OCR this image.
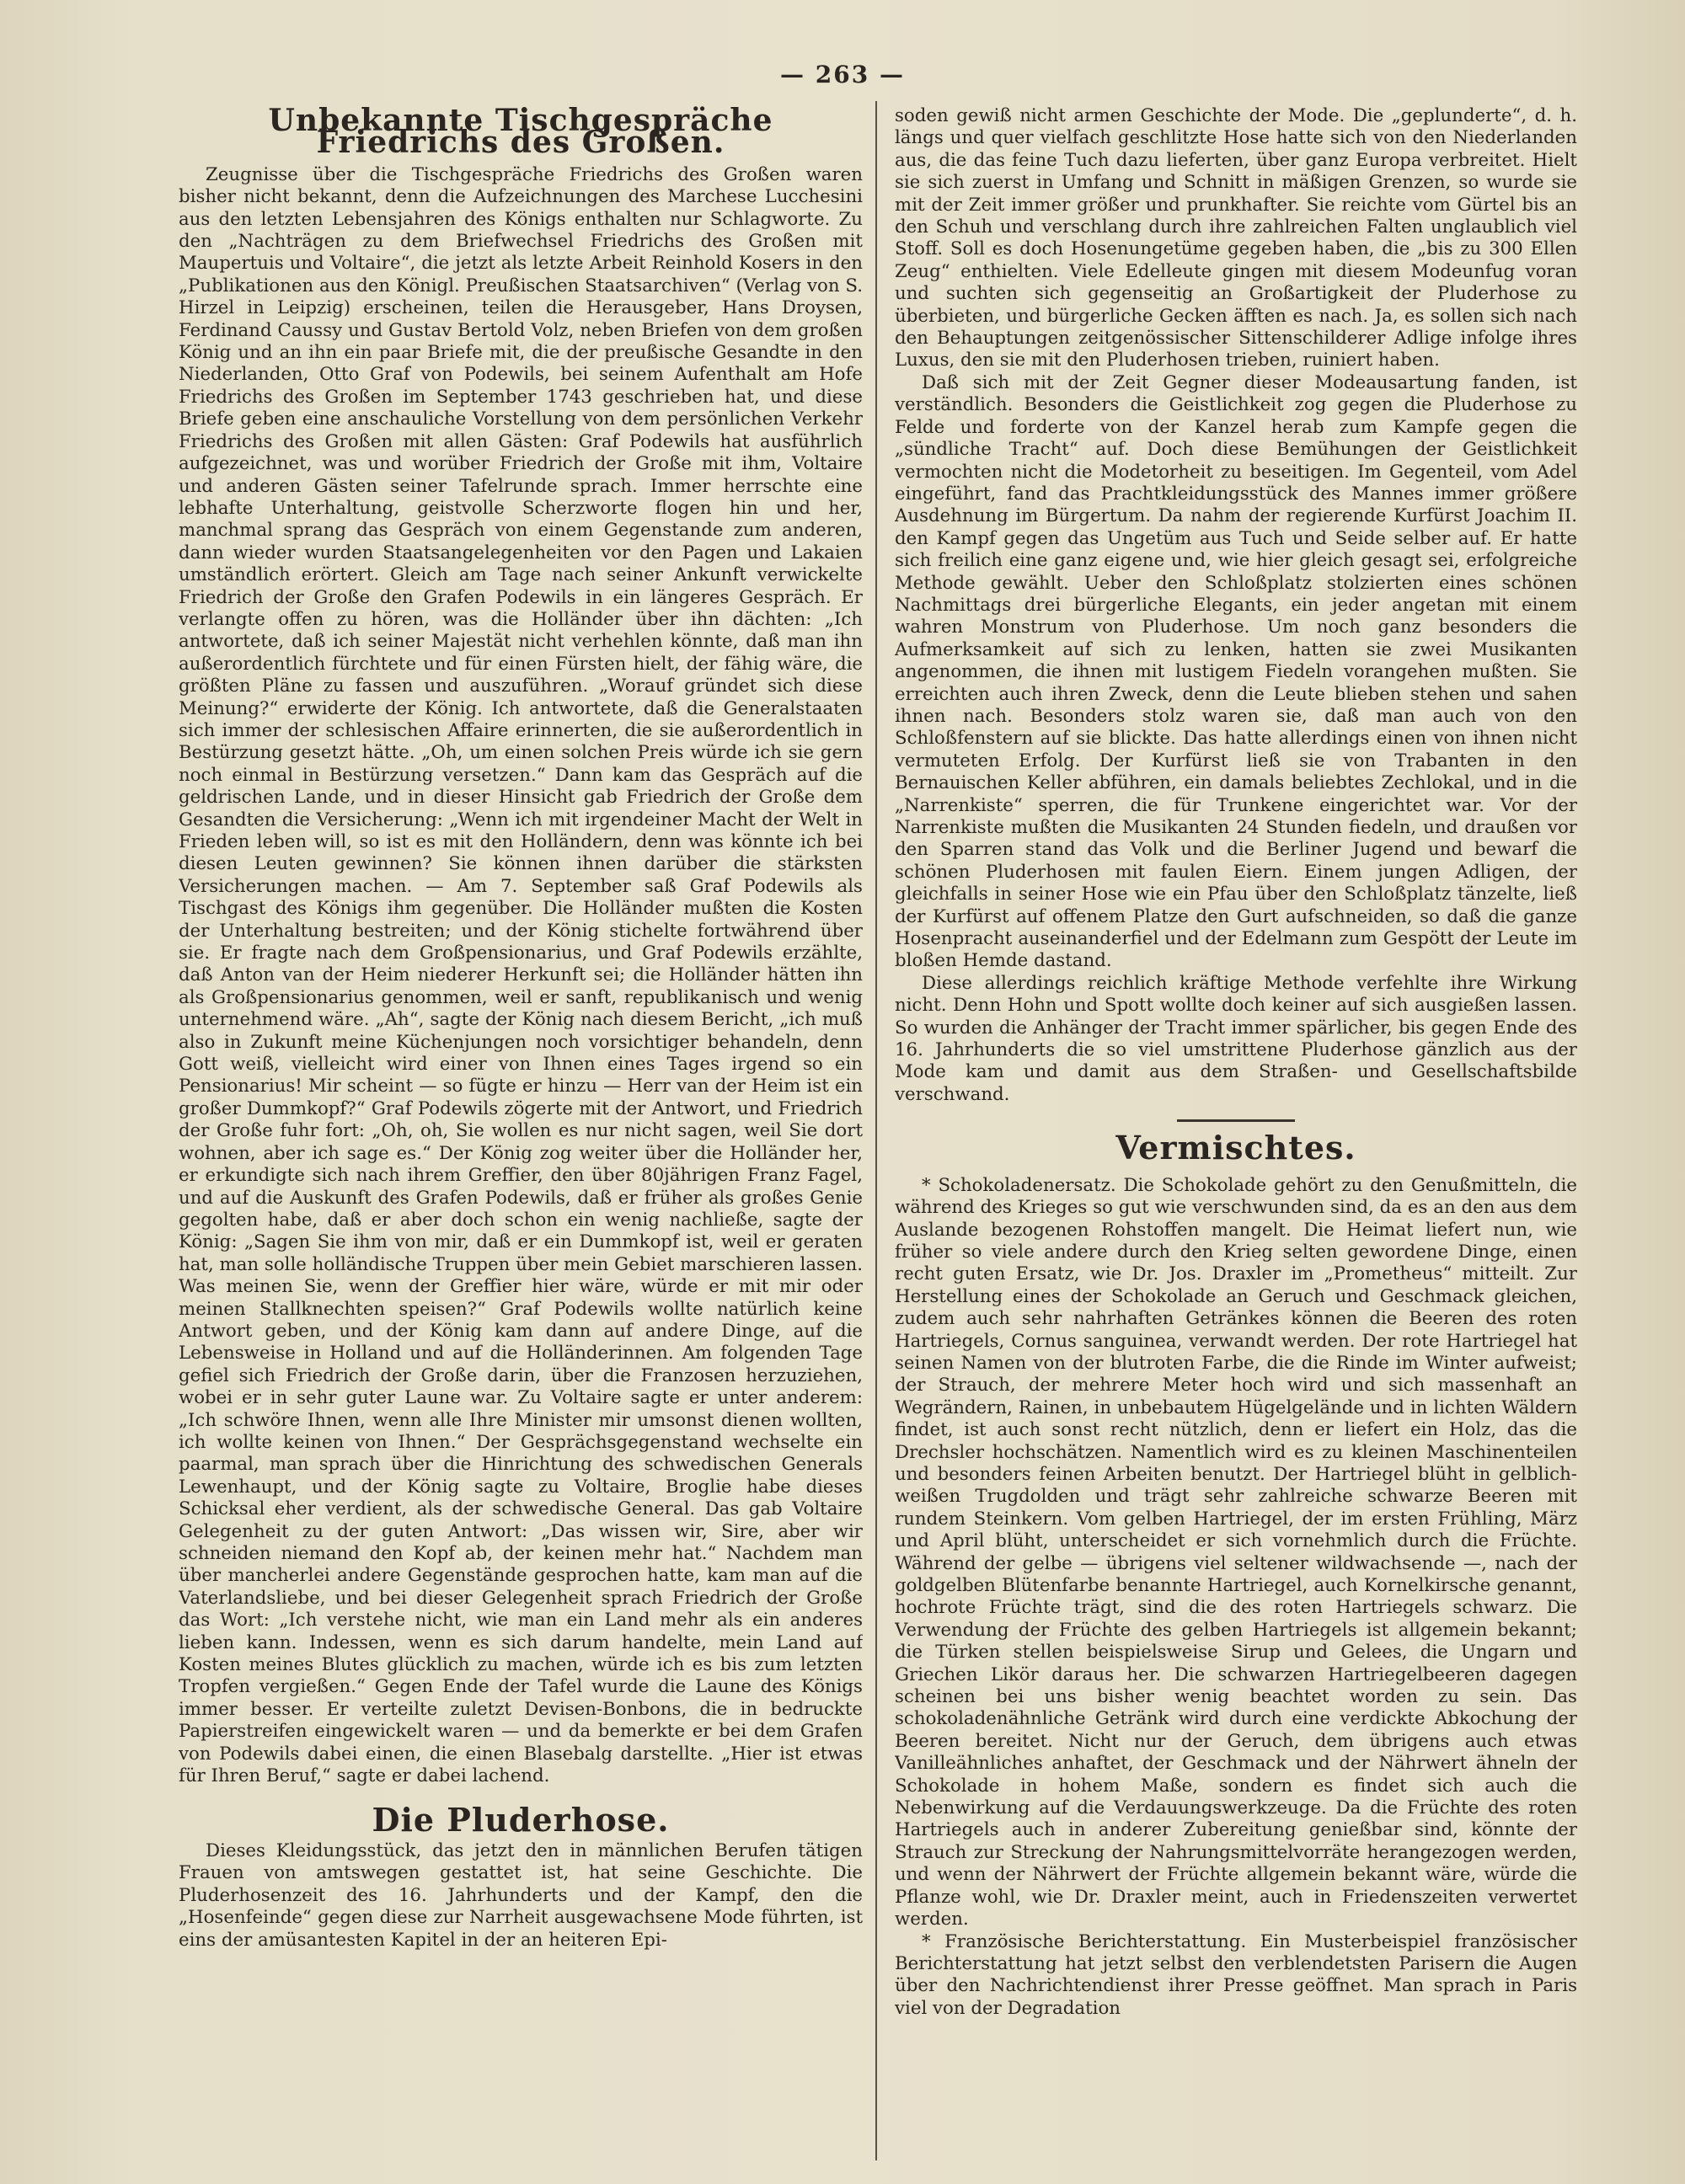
— 263 —
Unbekannte Tischgespräche Friedrichs des Großen.

Zeugnisse über die Tischgespräche Friedrichs des Großen waren bisher nicht bekannt, denn die Aufzeichnungen des Marchese Lucchesini aus den letzten Lebensjahren des Königs enthalten nur Schlagworte. Zu den „Nachträgen zu dem Briefwechsel Friedrichs des Großen mit Maupertuis und Voltaire“, die jetzt als letzte Arbeit Reinhold Kosers in den „Publikationen aus den Königl. Preußischen Staatsarchiven“ (Verlag von S. Hirzel in Leipzig) erscheinen, teilen die Herausgeber, Hans Droysen, Ferdinand Caussy und Gustav Bertold Volz, neben Briefen von dem großen König und an ihn ein paar Briefe mit, die der preußische Gesandte in den Niederlanden, Otto Graf von Podewils, bei seinem Aufenthalt am Hofe Friedrichs des Großen im September 1743 geschrieben hat, und diese Briefe geben eine anschauliche Vorstellung von dem persönlichen Verkehr Friedrichs des Großen mit allen Gästen: Graf Podewils hat ausführlich aufgezeichnet, was und worüber Friedrich der Große mit ihm, Voltaire und anderen Gästen seiner Tafelrunde sprach. Immer herrschte eine lebhafte Unterhaltung, geistvolle Scherzworte flogen hin und her, manchmal sprang das Gespräch von einem Gegenstande zum anderen, dann wieder wurden Staatsangelegenheiten vor den Pagen und Lakaien umständlich erörtert. Gleich am Tage nach seiner Ankunft verwickelte Friedrich der Große den Grafen Podewils in ein längeres Gespräch. Er verlangte offen zu hören, was die Holländer über ihn dächten: „Ich antwortete, daß ich seiner Majestät nicht verhehlen könnte, daß man ihn außerordentlich fürchtete und für einen Fürsten hielt, der fähig wäre, die größten Pläne zu fassen und auszuführen. „Worauf gründet sich diese Meinung?“ erwiderte der König. Ich antwortete, daß die Generalstaaten sich immer der schlesischen Affaire erinnerten, die sie außerordentlich in Bestürzung gesetzt hätte. „Oh, um einen solchen Preis würde ich sie gern noch einmal in Bestürzung versetzen.“ Dann kam das Gespräch auf die geldrischen Lande, und in dieser Hinsicht gab Friedrich der Große dem Gesandten die Versicherung: „Wenn ich mit irgendeiner Macht der Welt in Frieden leben will, so ist es mit den Holländern, denn was könnte ich bei diesen Leuten gewinnen? Sie können ihnen darüber die stärksten Versicherungen machen. — Am 7. September saß Graf Podewils als Tischgast des Königs ihm gegenüber. Die Holländer mußten die Kosten der Unterhaltung bestreiten; und der König stichelte fortwährend über sie. Er fragte nach dem Großpensionarius, und Graf Podewils erzählte, daß Anton van der Heim niederer Herkunft sei; die Holländer hätten ihn als Großpensionarius genommen, weil er sanft, republikanisch und wenig unternehmend wäre. „Ah“, sagte der König nach diesem Bericht, „ich muß also in Zukunft meine Küchenjungen noch vorsichtiger behandeln, denn Gott weiß, vielleicht wird einer von Ihnen eines Tages irgend so ein Pensionarius! Mir scheint — so fügte er hinzu — Herr van der Heim ist ein großer Dummkopf?“ Graf Podewils zögerte mit der Antwort, und Friedrich der Große fuhr fort: „Oh, oh, Sie wollen es nur nicht sagen, weil Sie dort wohnen, aber ich sage es.“ Der König zog weiter über die Holländer her, er erkundigte sich nach ihrem Greffier, den über 80jährigen Franz Fagel, und auf die Auskunft des Grafen Podewils, daß er früher als großes Genie gegolten habe, daß er aber doch schon ein wenig nachließe, sagte der König: „Sagen Sie ihm von mir, daß er ein Dummkopf ist, weil er geraten hat, man solle holländische Truppen über mein Gebiet marschieren lassen. Was meinen Sie, wenn der Greffier hier wäre, würde er mit mir oder meinen Stallknechten speisen?“ Graf Podewils wollte natürlich keine Antwort geben, und der König kam dann auf andere Dinge, auf die Lebensweise in Holland und auf die Holländerinnen. Am folgenden Tage gefiel sich Friedrich der Große darin, über die Franzosen herzuziehen, wobei er in sehr guter Laune war. Zu Voltaire sagte er unter anderem: „Ich schwöre Ihnen, wenn alle Ihre Minister mir umsonst dienen wollten, ich wollte keinen von Ihnen.“ Der Gesprächsgegenstand wechselte ein paarmal, man sprach über die Hinrichtung des schwedischen Generals Lewenhaupt, und der König sagte zu Voltaire, Broglie habe dieses Schicksal eher verdient, als der schwedische General. Das gab Voltaire Gelegenheit zu der guten Antwort: „Das wissen wir, Sire, aber wir schneiden niemand den Kopf ab, der keinen mehr hat.“ Nachdem man über mancherlei andere Gegenstände gesprochen hatte, kam man auf die Vaterlandsliebe, und bei dieser Gelegenheit sprach Friedrich der Große das Wort: „Ich verstehe nicht, wie man ein Land mehr als ein anderes lieben kann. Indessen, wenn es sich darum handelte, mein Land auf Kosten meines Blutes glücklich zu machen, würde ich es bis zum letzten Tropfen vergießen.“ Gegen Ende der Tafel wurde die Laune des Königs immer besser. Er verteilte zuletzt Devisen-Bonbons, die in bedruckte Papierstreifen eingewickelt waren — und da bemerkte er bei dem Grafen von Podewils dabei einen, die einen Blasebalg darstellte. „Hier ist etwas für Ihren Beruf,“ sagte er dabei lachend.

Die Pluderhose.

Dieses Kleidungsstück, das jetzt den in männlichen Berufen tätigen Frauen von amtswegen gestattet ist, hat seine Geschichte. Die Pluderhosenzeit des 16. Jahrhunderts und der Kampf, den die „Hosenfeinde“ gegen diese zur Narrheit ausgewachsene Mode führten, ist eins der amüsantesten Kapitel in der an heiteren Epi-

soden gewiß nicht armen Geschichte der Mode. Die „geplunderte“, d. h. längs und quer vielfach geschlitzte Hose hatte sich von den Niederlanden aus, die das feine Tuch dazu lieferten, über ganz Europa verbreitet. Hielt sie sich zuerst in Umfang und Schnitt in mäßigen Grenzen, so wurde sie mit der Zeit immer größer und prunkhafter. Sie reichte vom Gürtel bis an den Schuh und verschlang durch ihre zahlreichen Falten unglaublich viel Stoff. Soll es doch Hosenungetüme gegeben haben, die „bis zu 300 Ellen Zeug“ enthielten. Viele Edelleute gingen mit diesem Modeunfug voran und suchten sich gegenseitig an Großartigkeit der Pluderhose zu überbieten, und bürgerliche Gecken äfften es nach. Ja, es sollen sich nach den Behauptungen zeitgenössischer Sittenschilderer Adlige infolge ihres Luxus, den sie mit den Pluderhosen trieben, ruiniert haben.

Daß sich mit der Zeit Gegner dieser Modeausartung fanden, ist verständlich. Besonders die Geistlichkeit zog gegen die Pluderhose zu Felde und forderte von der Kanzel herab zum Kampfe gegen die „sündliche Tracht“ auf. Doch diese Bemühungen der Geistlichkeit vermochten nicht die Modetorheit zu beseitigen. Im Gegenteil, vom Adel eingeführt, fand das Prachtkleidungsstück des Mannes immer größere Ausdehnung im Bürgertum. Da nahm der regierende Kurfürst Joachim II. den Kampf gegen das Ungetüm aus Tuch und Seide selber auf. Er hatte sich freilich eine ganz eigene und, wie hier gleich gesagt sei, erfolgreiche Methode gewählt. Ueber den Schloßplatz stolzierten eines schönen Nachmittags drei bürgerliche Elegants, ein jeder angetan mit einem wahren Monstrum von Pluderhose. Um noch ganz besonders die Aufmerksamkeit auf sich zu lenken, hatten sie zwei Musikanten angenommen, die ihnen mit lustigem Fiedeln vorangehen mußten. Sie erreichten auch ihren Zweck, denn die Leute blieben stehen und sahen ihnen nach. Besonders stolz waren sie, daß man auch von den Schloßfenstern auf sie blickte. Das hatte allerdings einen von ihnen nicht vermuteten Erfolg. Der Kurfürst ließ sie von Trabanten in den Bernauischen Keller abführen, ein damals beliebtes Zechlokal, und in die „Narrenkiste“ sperren, die für Trunkene eingerichtet war. Vor der Narrenkiste mußten die Musikanten 24 Stunden fiedeln, und draußen vor den Sparren stand das Volk und die Berliner Jugend und bewarf die schönen Pluderhosen mit faulen Eiern. Einem jungen Adligen, der gleichfalls in seiner Hose wie ein Pfau über den Schloßplatz tänzelte, ließ der Kurfürst auf offenem Platze den Gurt aufschneiden, so daß die ganze Hosenpracht auseinanderfiel und der Edelmann zum Gespött der Leute im bloßen Hemde dastand.

Diese allerdings reichlich kräftige Methode verfehlte ihre Wirkung nicht. Denn Hohn und Spott wollte doch keiner auf sich ausgießen lassen. So wurden die Anhänger der Tracht immer spärlicher, bis gegen Ende des 16. Jahrhunderts die so viel umstrittene Pluderhose gänzlich aus der Mode kam und damit aus dem Straßen- und Gesellschaftsbilde verschwand.

Vermischtes.

* Schokoladenersatz. Die Schokolade gehört zu den Genußmitteln, die während des Krieges so gut wie verschwunden sind, da es an den aus dem Auslande bezogenen Rohstoffen mangelt. Die Heimat liefert nun, wie früher so viele andere durch den Krieg selten gewordene Dinge, einen recht guten Ersatz, wie Dr. Jos. Draxler im „Prometheus“ mitteilt. Zur Herstellung eines der Schokolade an Geruch und Geschmack gleichen, zudem auch sehr nahrhaften Getränkes können die Beeren des roten Hartriegels, Cornus sanguinea, verwandt werden. Der rote Hartriegel hat seinen Namen von der blutroten Farbe, die die Rinde im Winter aufweist; der Strauch, der mehrere Meter hoch wird und sich massenhaft an Wegrändern, Rainen, in unbebautem Hügelgelände und in lichten Wäldern findet, ist auch sonst recht nützlich, denn er liefert ein Holz, das die Drechsler hochschätzen. Namentlich wird es zu kleinen Maschinenteilen und besonders feinen Arbeiten benutzt. Der Hartriegel blüht in gelblich-weißen Trugdolden und trägt sehr zahlreiche schwarze Beeren mit rundem Steinkern. Vom gelben Hartriegel, der im ersten Frühling, März und April blüht, unterscheidet er sich vornehmlich durch die Früchte. Während der gelbe — übrigens viel seltener wildwachsende —, nach der goldgelben Blütenfarbe benannte Hartriegel, auch Kornelkirsche genannt, hochrote Früchte trägt, sind die des roten Hartriegels schwarz. Die Verwendung der Früchte des gelben Hartriegels ist allgemein bekannt; die Türken stellen beispielsweise Sirup und Gelees, die Ungarn und Griechen Likör daraus her. Die schwarzen Hartriegelbeeren dagegen scheinen bei uns bisher wenig beachtet worden zu sein. Das schokoladenähnliche Getränk wird durch eine verdickte Abkochung der Beeren bereitet. Nicht nur der Geruch, dem übrigens auch etwas Vanilleähnliches anhaftet, der Geschmack und der Nährwert ähneln der Schokolade in hohem Maße, sondern es findet sich auch die Nebenwirkung auf die Verdauungswerkzeuge. Da die Früchte des roten Hartriegels auch in anderer Zubereitung genießbar sind, könnte der Strauch zur Streckung der Nahrungsmittelvorräte herangezogen werden, und wenn der Nährwert der Früchte allgemein bekannt wäre, würde die Pflanze wohl, wie Dr. Draxler meint, auch in Friedenszeiten verwertet werden.

* Französische Berichterstattung. Ein Musterbeispiel französischer Berichterstattung hat jetzt selbst den verblendetsten Parisern die Augen über den Nachrichtendienst ihrer Presse geöffnet. Man sprach in Paris viel von der Degradation
